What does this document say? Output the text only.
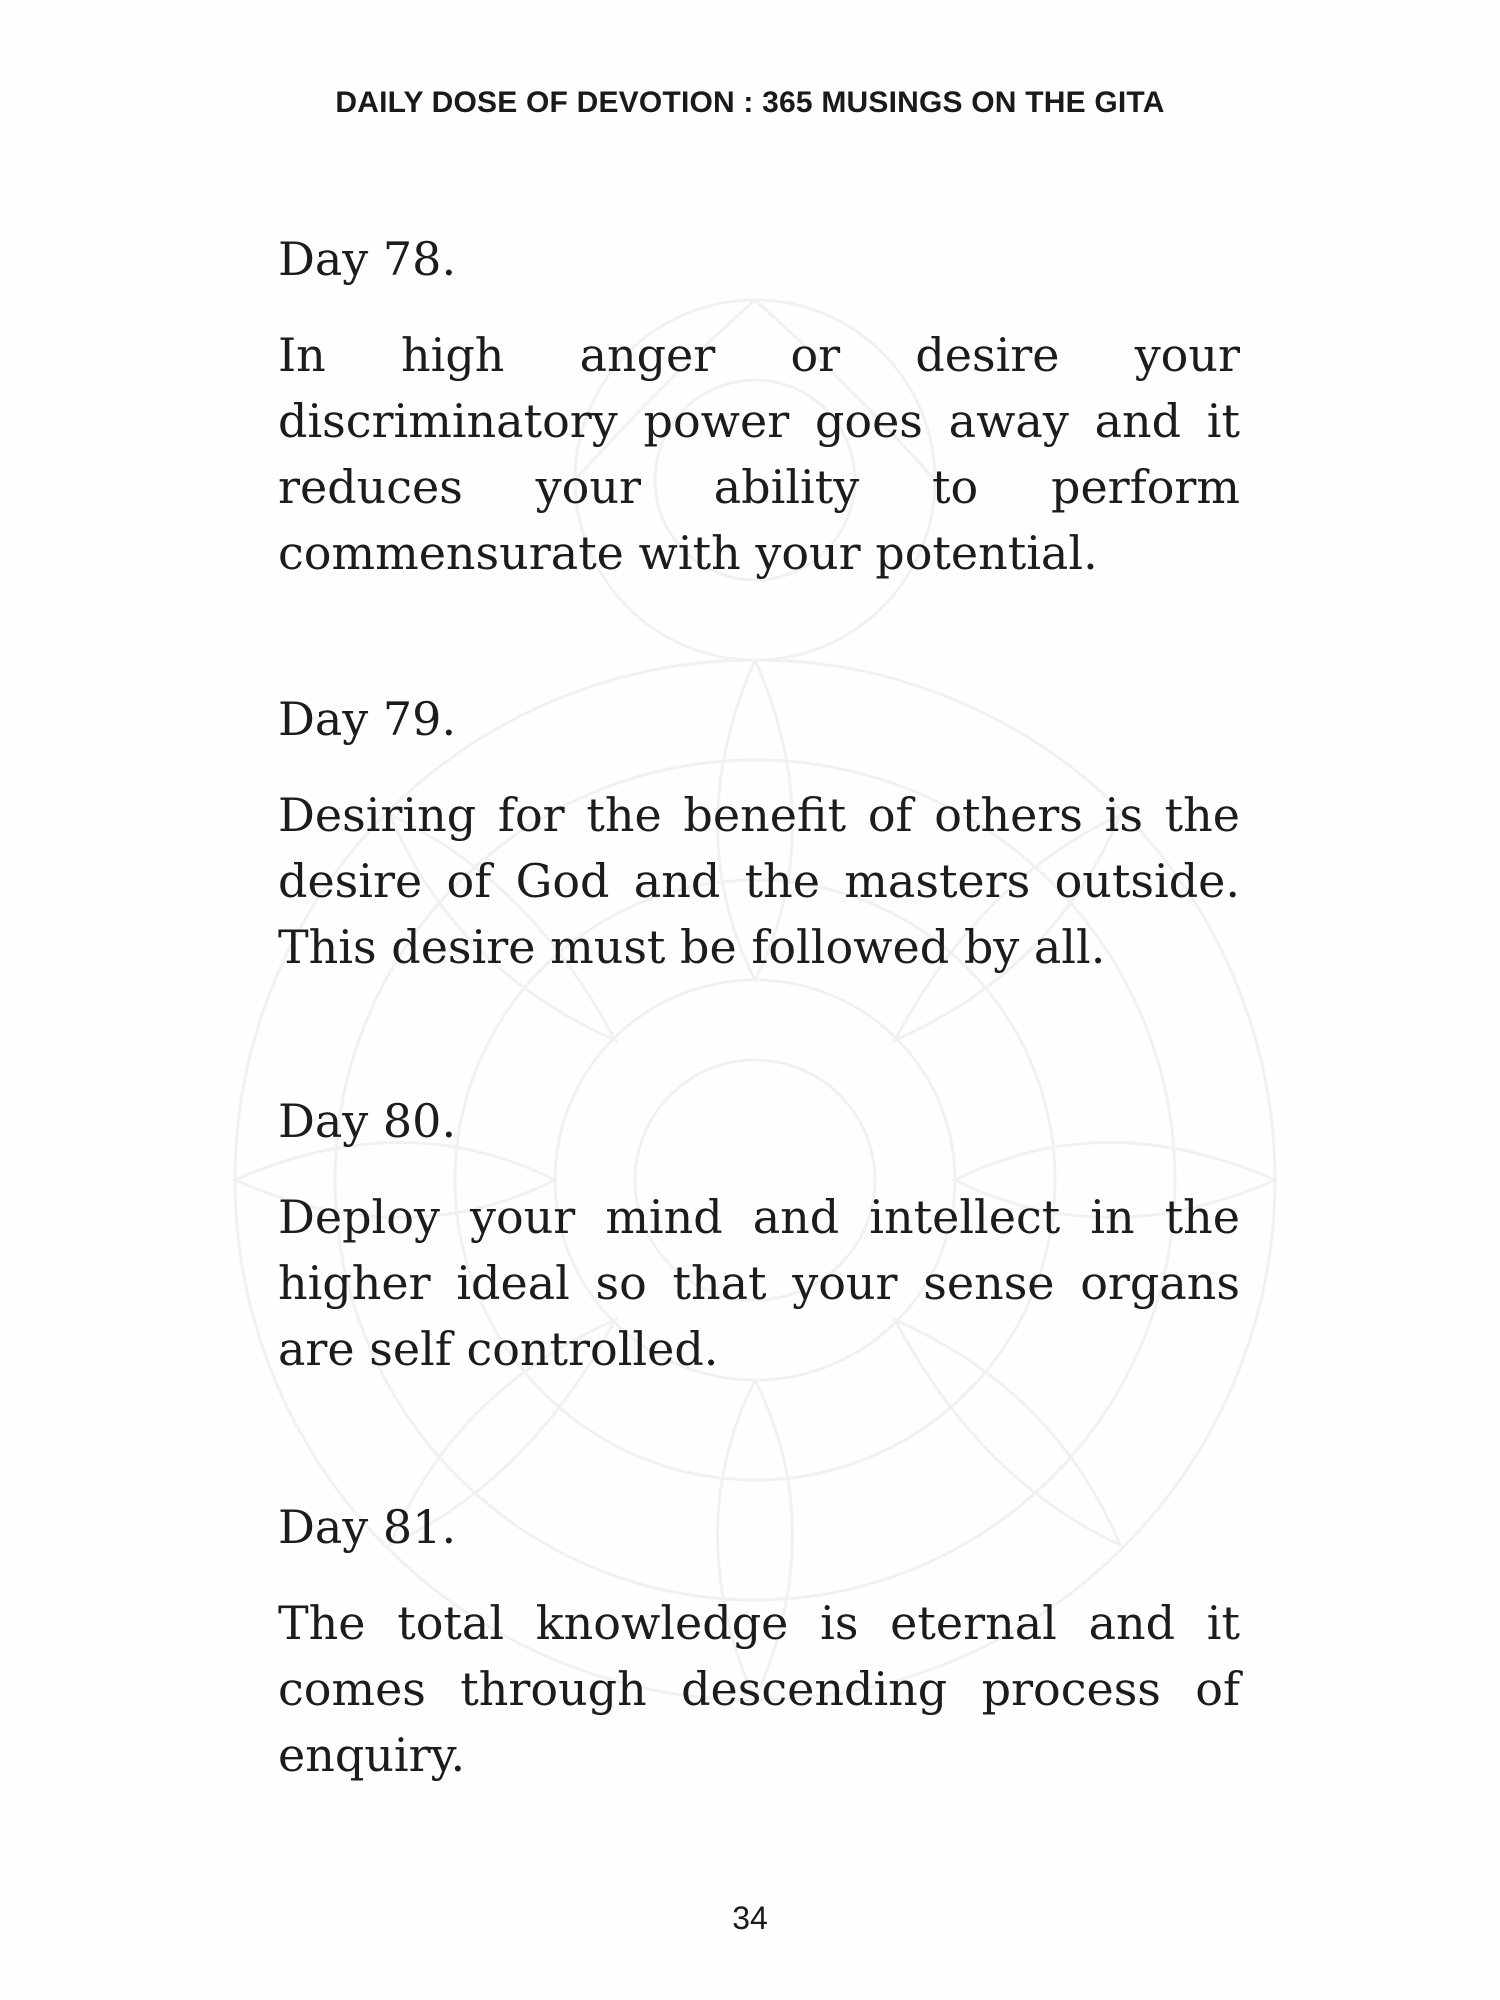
DAILY DOSE OF DEVOTION : 365 MUSINGS ON THE GITA

Day 78.

In high anger or desire your discriminatory power goes away and it reduces your ability to perform commensurate with your potential.

Day 79.

Desiring for the benefit of others is the desire of God and the masters outside. This desire must be followed by all.

Day 80.

Deploy your mind and intellect in the higher ideal so that your sense organs are self controlled.

Day 81.

The total knowledge is eternal and it comes through descending process of enquiry.

34
